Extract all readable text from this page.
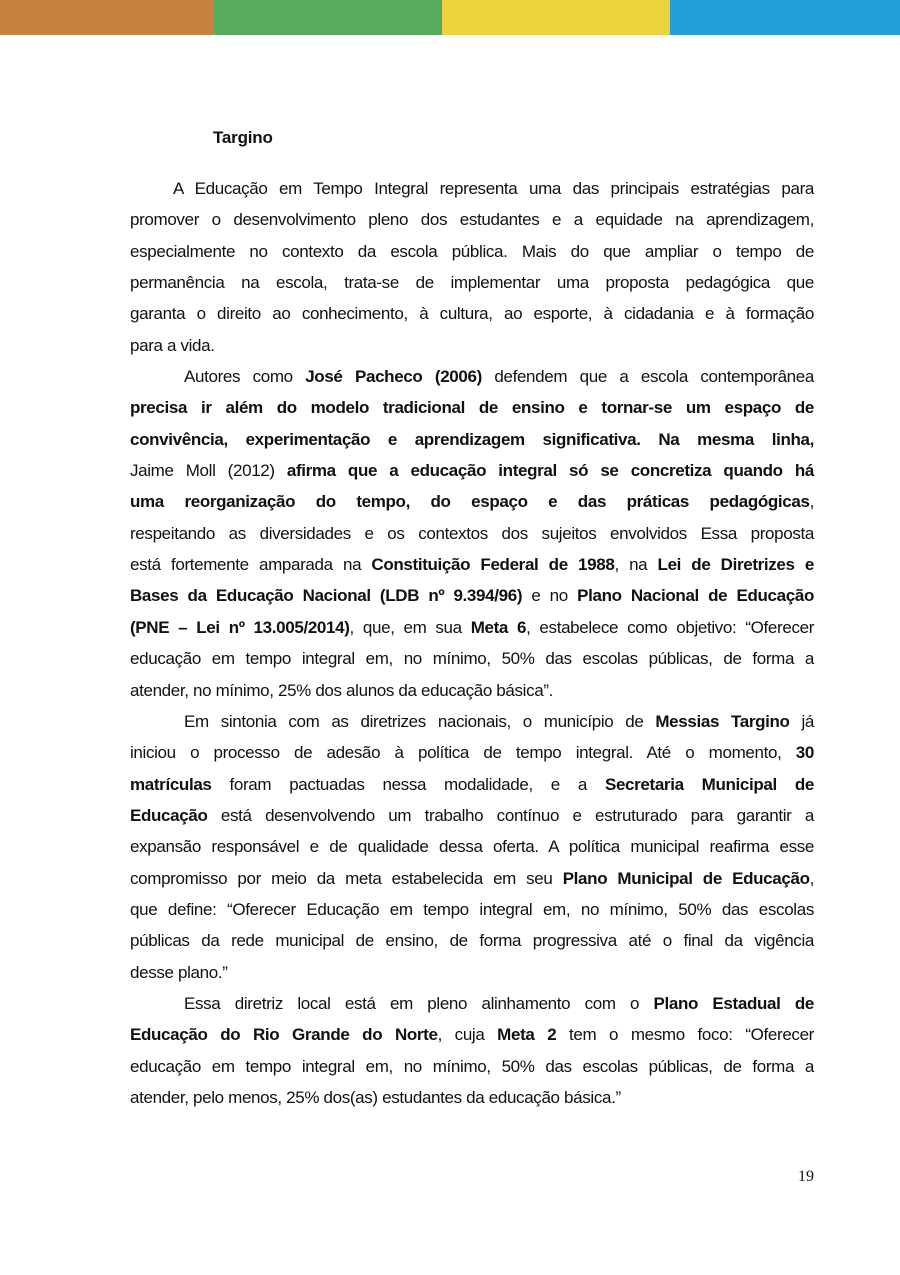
Targino
A Educação em Tempo Integral representa uma das principais estratégias para
promover o desenvolvimento pleno dos estudantes e a equidade na aprendizagem,
especialmente no contexto da escola pública. Mais do que ampliar o tempo de
permanência na escola, trata-se de implementar uma proposta pedagógica que
garanta o direito ao conhecimento, à cultura, ao esporte, à cidadania e à formação
para a vida.
Autores como José Pacheco (2006) defendem que a escola contemporânea
precisa ir além do modelo tradicional de ensino e tornar-se um espaço de
convivência, experimentação e aprendizagem significativa. Na mesma linha,
Jaime Moll (2012) afirma que a educação integral só se concretiza quando há
uma reorganização do tempo, do espaço e das práticas pedagógicas,
respeitando as diversidades e os contextos dos sujeitos envolvidos Essa proposta
está fortemente amparada na Constituição Federal de 1988, na Lei de Diretrizes e
Bases da Educação Nacional (LDB nº 9.394/96) e no Plano Nacional de Educação
(PNE – Lei nº 13.005/2014), que, em sua Meta 6, estabelece como objetivo: “Oferecer
educação em tempo integral em, no mínimo, 50% das escolas públicas, de forma a
atender, no mínimo, 25% dos alunos da educação básica”.
Em sintonia com as diretrizes nacionais, o município de Messias Targino já
iniciou o processo de adesão à política de tempo integral. Até o momento, 30
matrículas foram pactuadas nessa modalidade, e a Secretaria Municipal de
Educação está desenvolvendo um trabalho contínuo e estruturado para garantir a
expansão responsável e de qualidade dessa oferta. A política municipal reafirma esse
compromisso por meio da meta estabelecida em seu Plano Municipal de Educação,
que define: “Oferecer Educação em tempo integral em, no mínimo, 50% das escolas
públicas da rede municipal de ensino, de forma progressiva até o final da vigência
desse plano.”
Essa diretriz local está em pleno alinhamento com o Plano Estadual de
Educação do Rio Grande do Norte, cuja Meta 2 tem o mesmo foco: “Oferecer
educação em tempo integral em, no mínimo, 50% das escolas públicas, de forma a
atender, pelo menos, 25% dos(as) estudantes da educação básica.”
19
